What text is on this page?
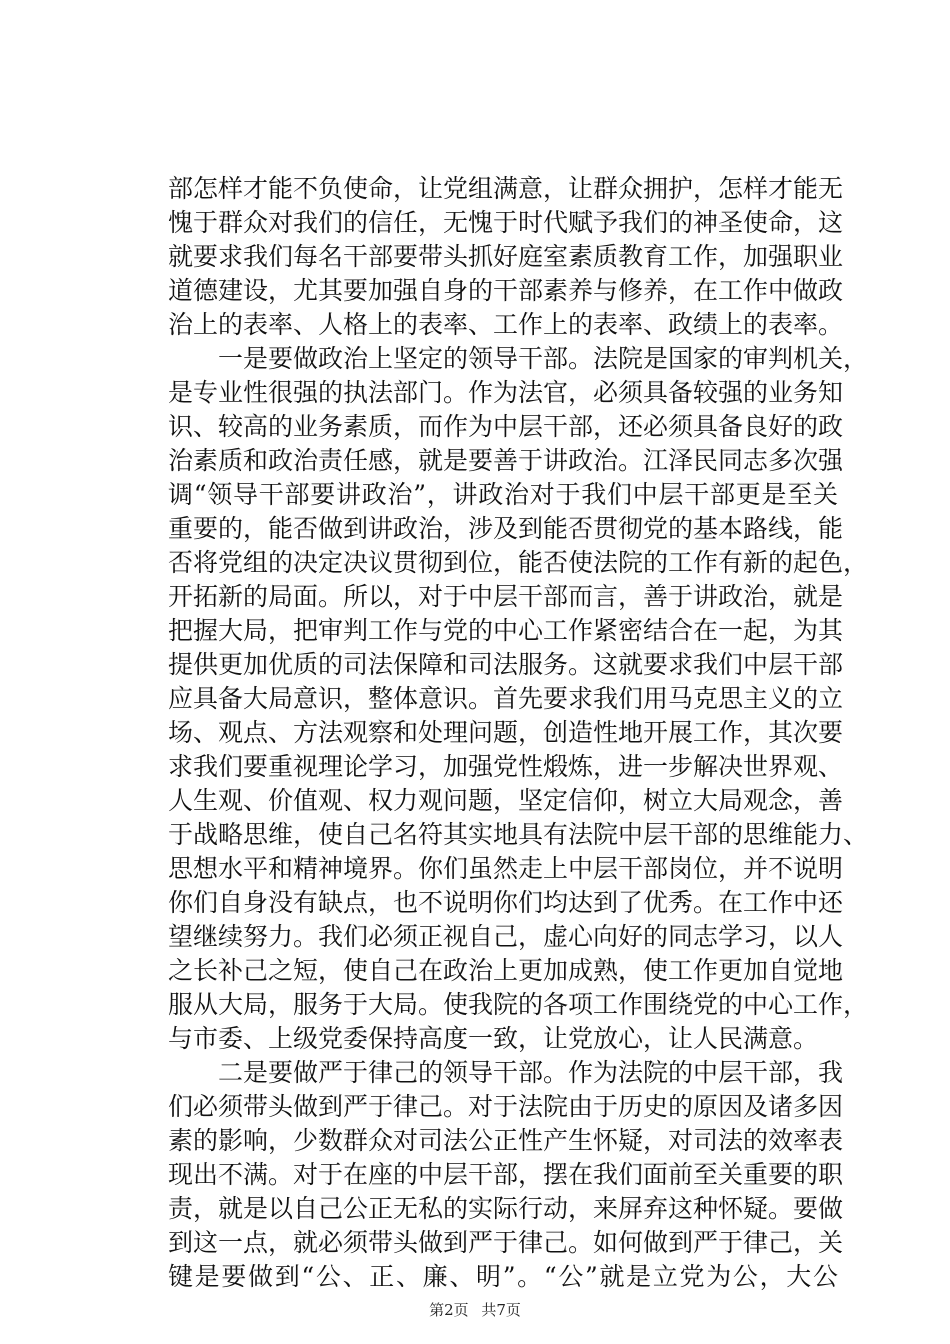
部怎样才能不负使命，让党组满意，让群众拥护，怎样才能无
愧于群众对我们的信任，无愧于时代赋予我们的神圣使命，这
就要求我们每名干部要带头抓好庭室素质教育工作，加强职业
道德建设，尤其要加强自身的干部素养与修养，在工作中做政
治上的表率、人格上的表率、工作上的表率、政绩上的表率。
一是要做政治上坚定的领导干部。法院是国家的审判机关，
是专业性很强的执法部门。作为法官，必须具备较强的业务知
识、较高的业务素质，而作为中层干部，还必须具备良好的政
治素质和政治责任感，就是要善于讲政治。江泽民同志多次强
调“领导干部要讲政治”，讲政治对于我们中层干部更是至关
重要的，能否做到讲政治，涉及到能否贯彻党的基本路线，能
否将党组的决定决议贯彻到位，能否使法院的工作有新的起色，
开拓新的局面。所以，对于中层干部而言，善于讲政治，就是
把握大局，把审判工作与党的中心工作紧密结合在一起，为其
提供更加优质的司法保障和司法服务。这就要求我们中层干部
应具备大局意识，整体意识。首先要求我们用马克思主义的立
场、观点、方法观察和处理问题，创造性地开展工作，其次要
求我们要重视理论学习，加强党性煅炼，进一步解决世界观、
人生观、价值观、权力观问题，坚定信仰，树立大局观念，善
于战略思维，使自己名符其实地具有法院中层干部的思维能力、
思想水平和精神境界。你们虽然走上中层干部岗位，并不说明
你们自身没有缺点，也不说明你们均达到了优秀。在工作中还
望继续努力。我们必须正视自己，虚心向好的同志学习，以人
之长补己之短，使自己在政治上更加成熟，使工作更加自觉地
服从大局，服务于大局。使我院的各项工作围绕党的中心工作，
与市委、上级党委保持高度一致，让党放心，让人民满意。
二是要做严于律己的领导干部。作为法院的中层干部，我
们必须带头做到严于律己。对于法院由于历史的原因及诸多因
素的影响，少数群众对司法公正性产生怀疑，对司法的效率表
现出不满。对于在座的中层干部，摆在我们面前至关重要的职
责，就是以自己公正无私的实际行动，来屏弃这种怀疑。要做
到这一点，就必须带头做到严于律己。如何做到严于律己，关
键是要做到“公、正、廉、明”。“公”就是立党为公，大公
第2页 共7页
